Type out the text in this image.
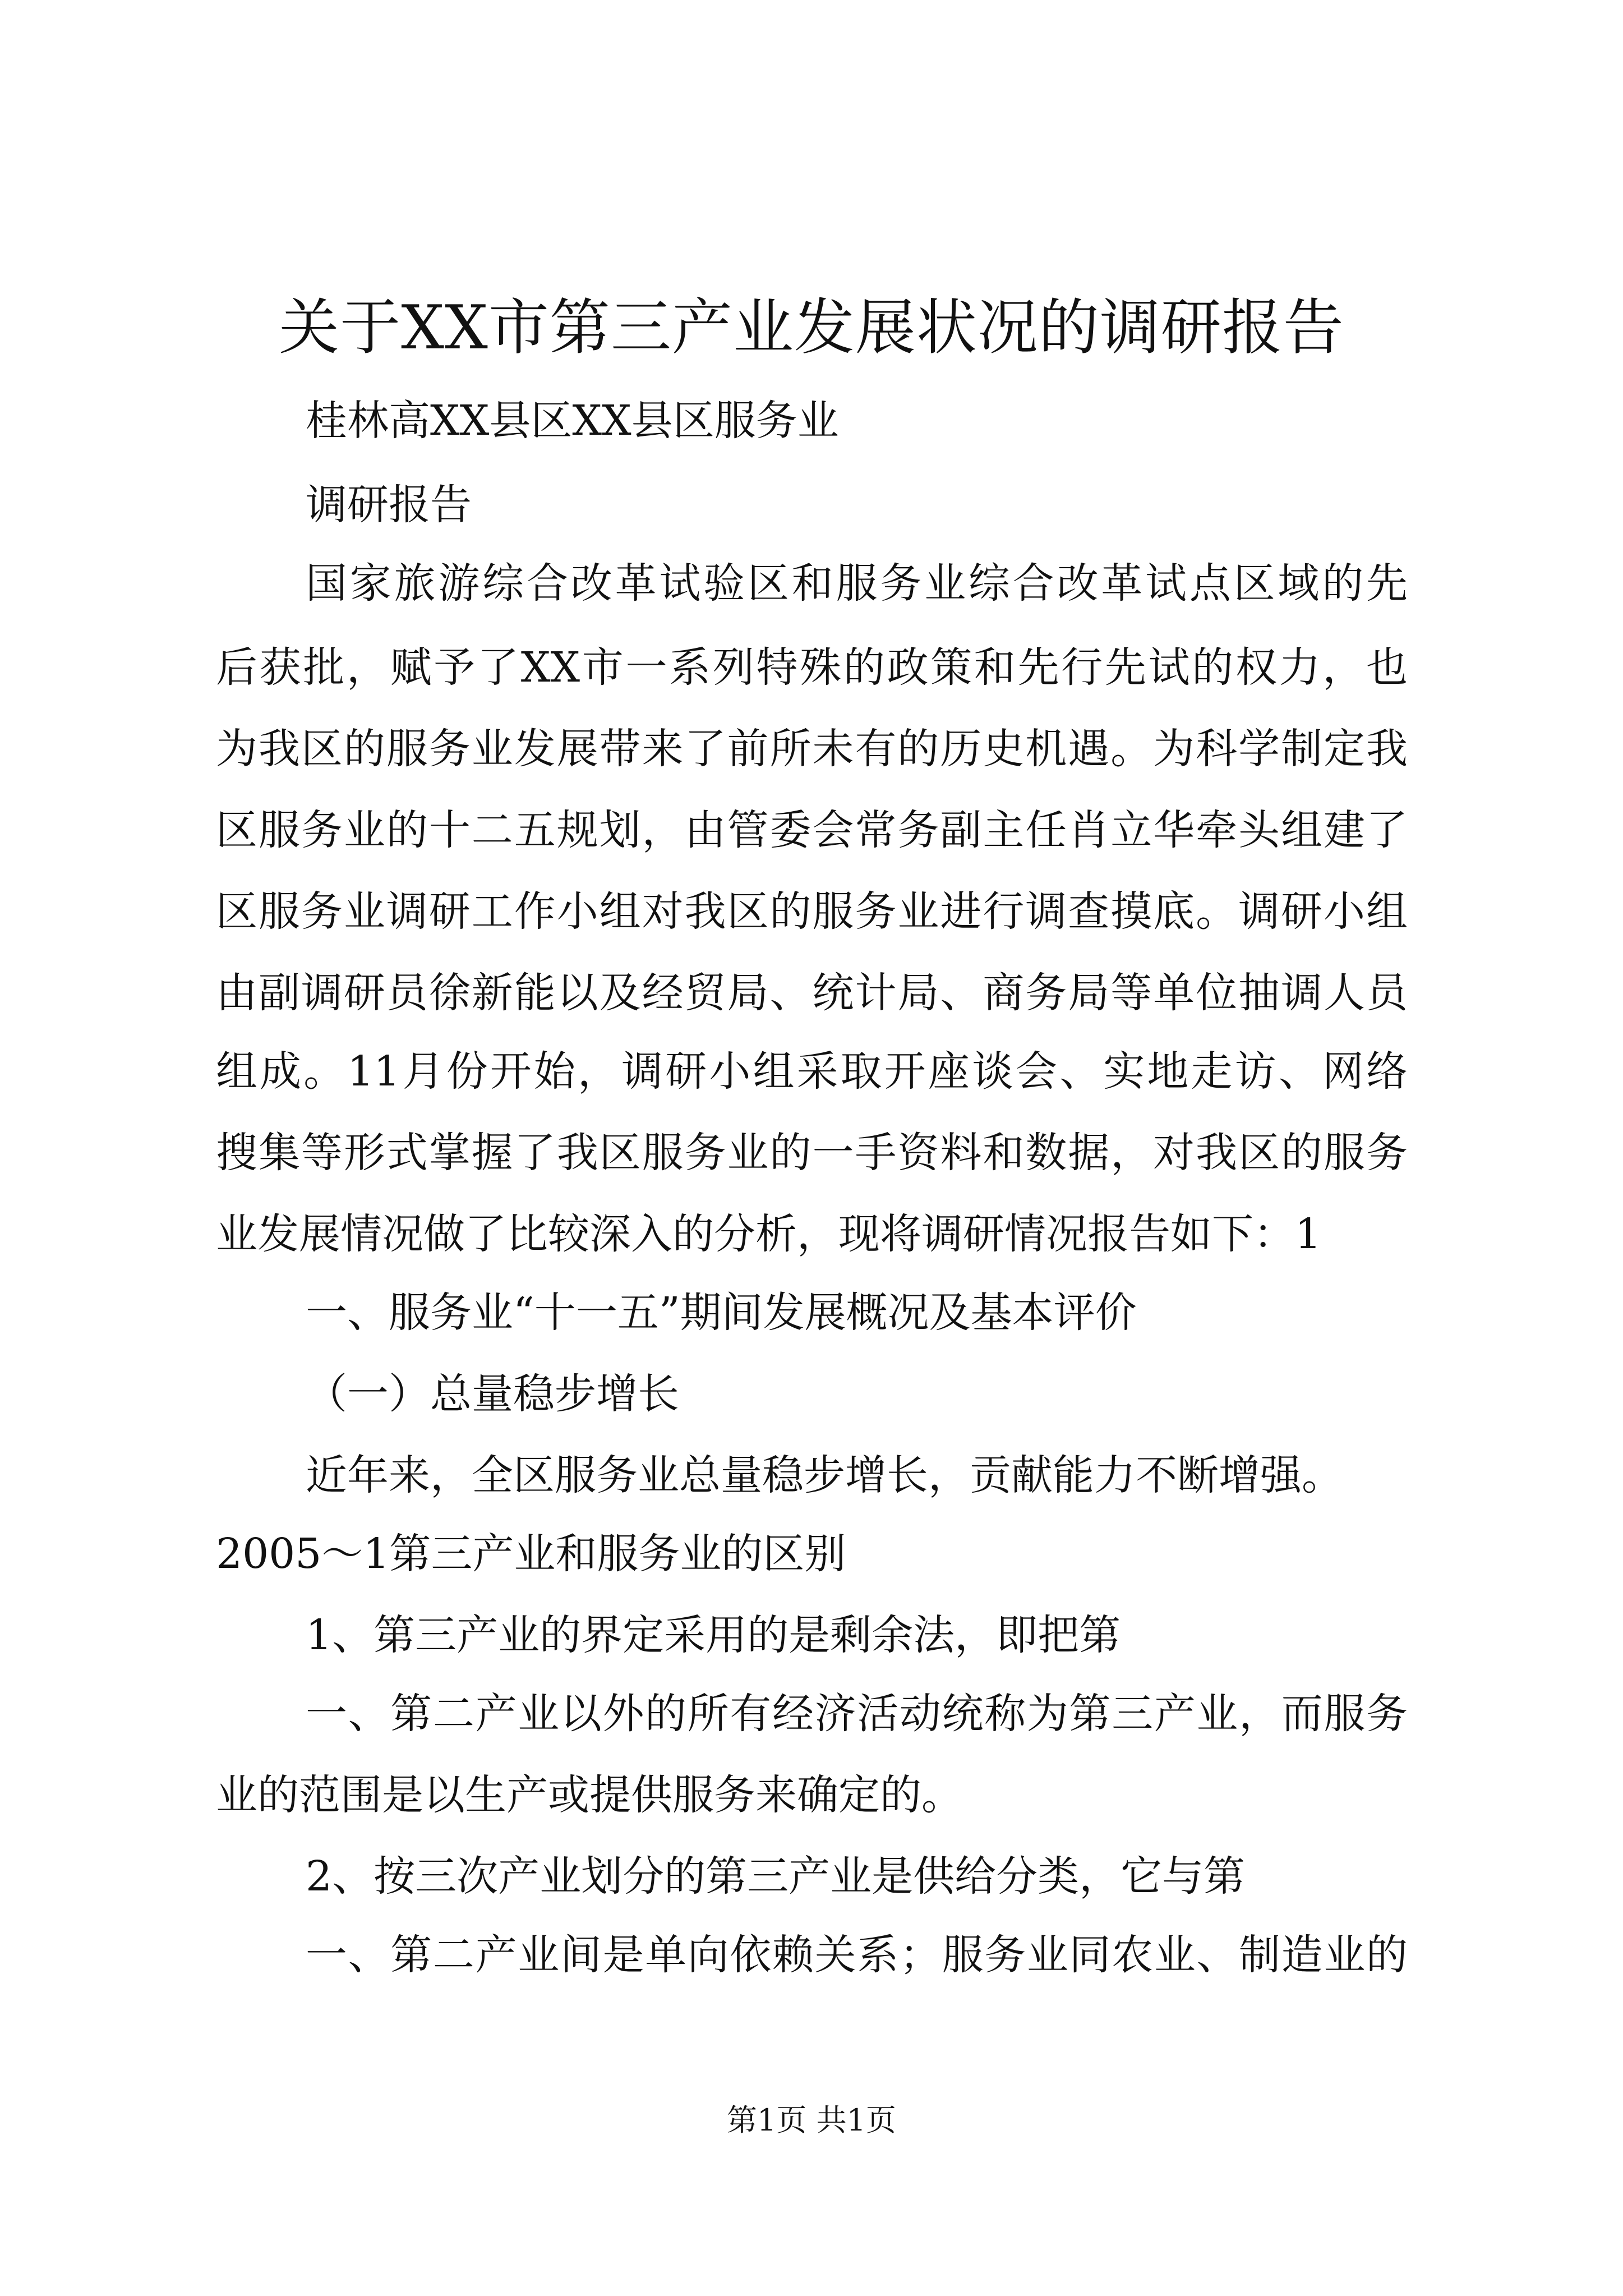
关于XX市第三产业发展状况的调研报告

桂林高XX县区XX县区服务业

调研报告

国家旅游综合改革试验区和服务业综合改革试点区域的先

后获批，赋予了XX市一系列特殊的政策和先行先试的权力，也

为我区的服务业发展带来了前所未有的历史机遇。为科学制定我

区服务业的十二五规划，由管委会常务副主任肖立华牵头组建了

区服务业调研工作小组对我区的服务业进行调查摸底。调研小组

由副调研员徐新能以及经贸局、统计局、商务局等单位抽调人员

组成。11月份开始，调研小组采取开座谈会、实地走访、网络

搜集等形式掌握了我区服务业的一手资料和数据，对我区的服务

业发展情况做了比较深入的分析，现将调研情况报告如下：1

一、服务业“十一五”期间发展概况及基本评价

（一）总量稳步增长

近年来，全区服务业总量稳步增长，贡献能力不断增强。

2005～1第三产业和服务业的区别

1、第三产业的界定采用的是剩余法，即把第

一、第二产业以外的所有经济活动统称为第三产业，而服务

业的范围是以生产或提供服务来确定的。

2、按三次产业划分的第三产业是供给分类，它与第

一、第二产业间是单向依赖关系；服务业同农业、制造业的

第1页 共1页
